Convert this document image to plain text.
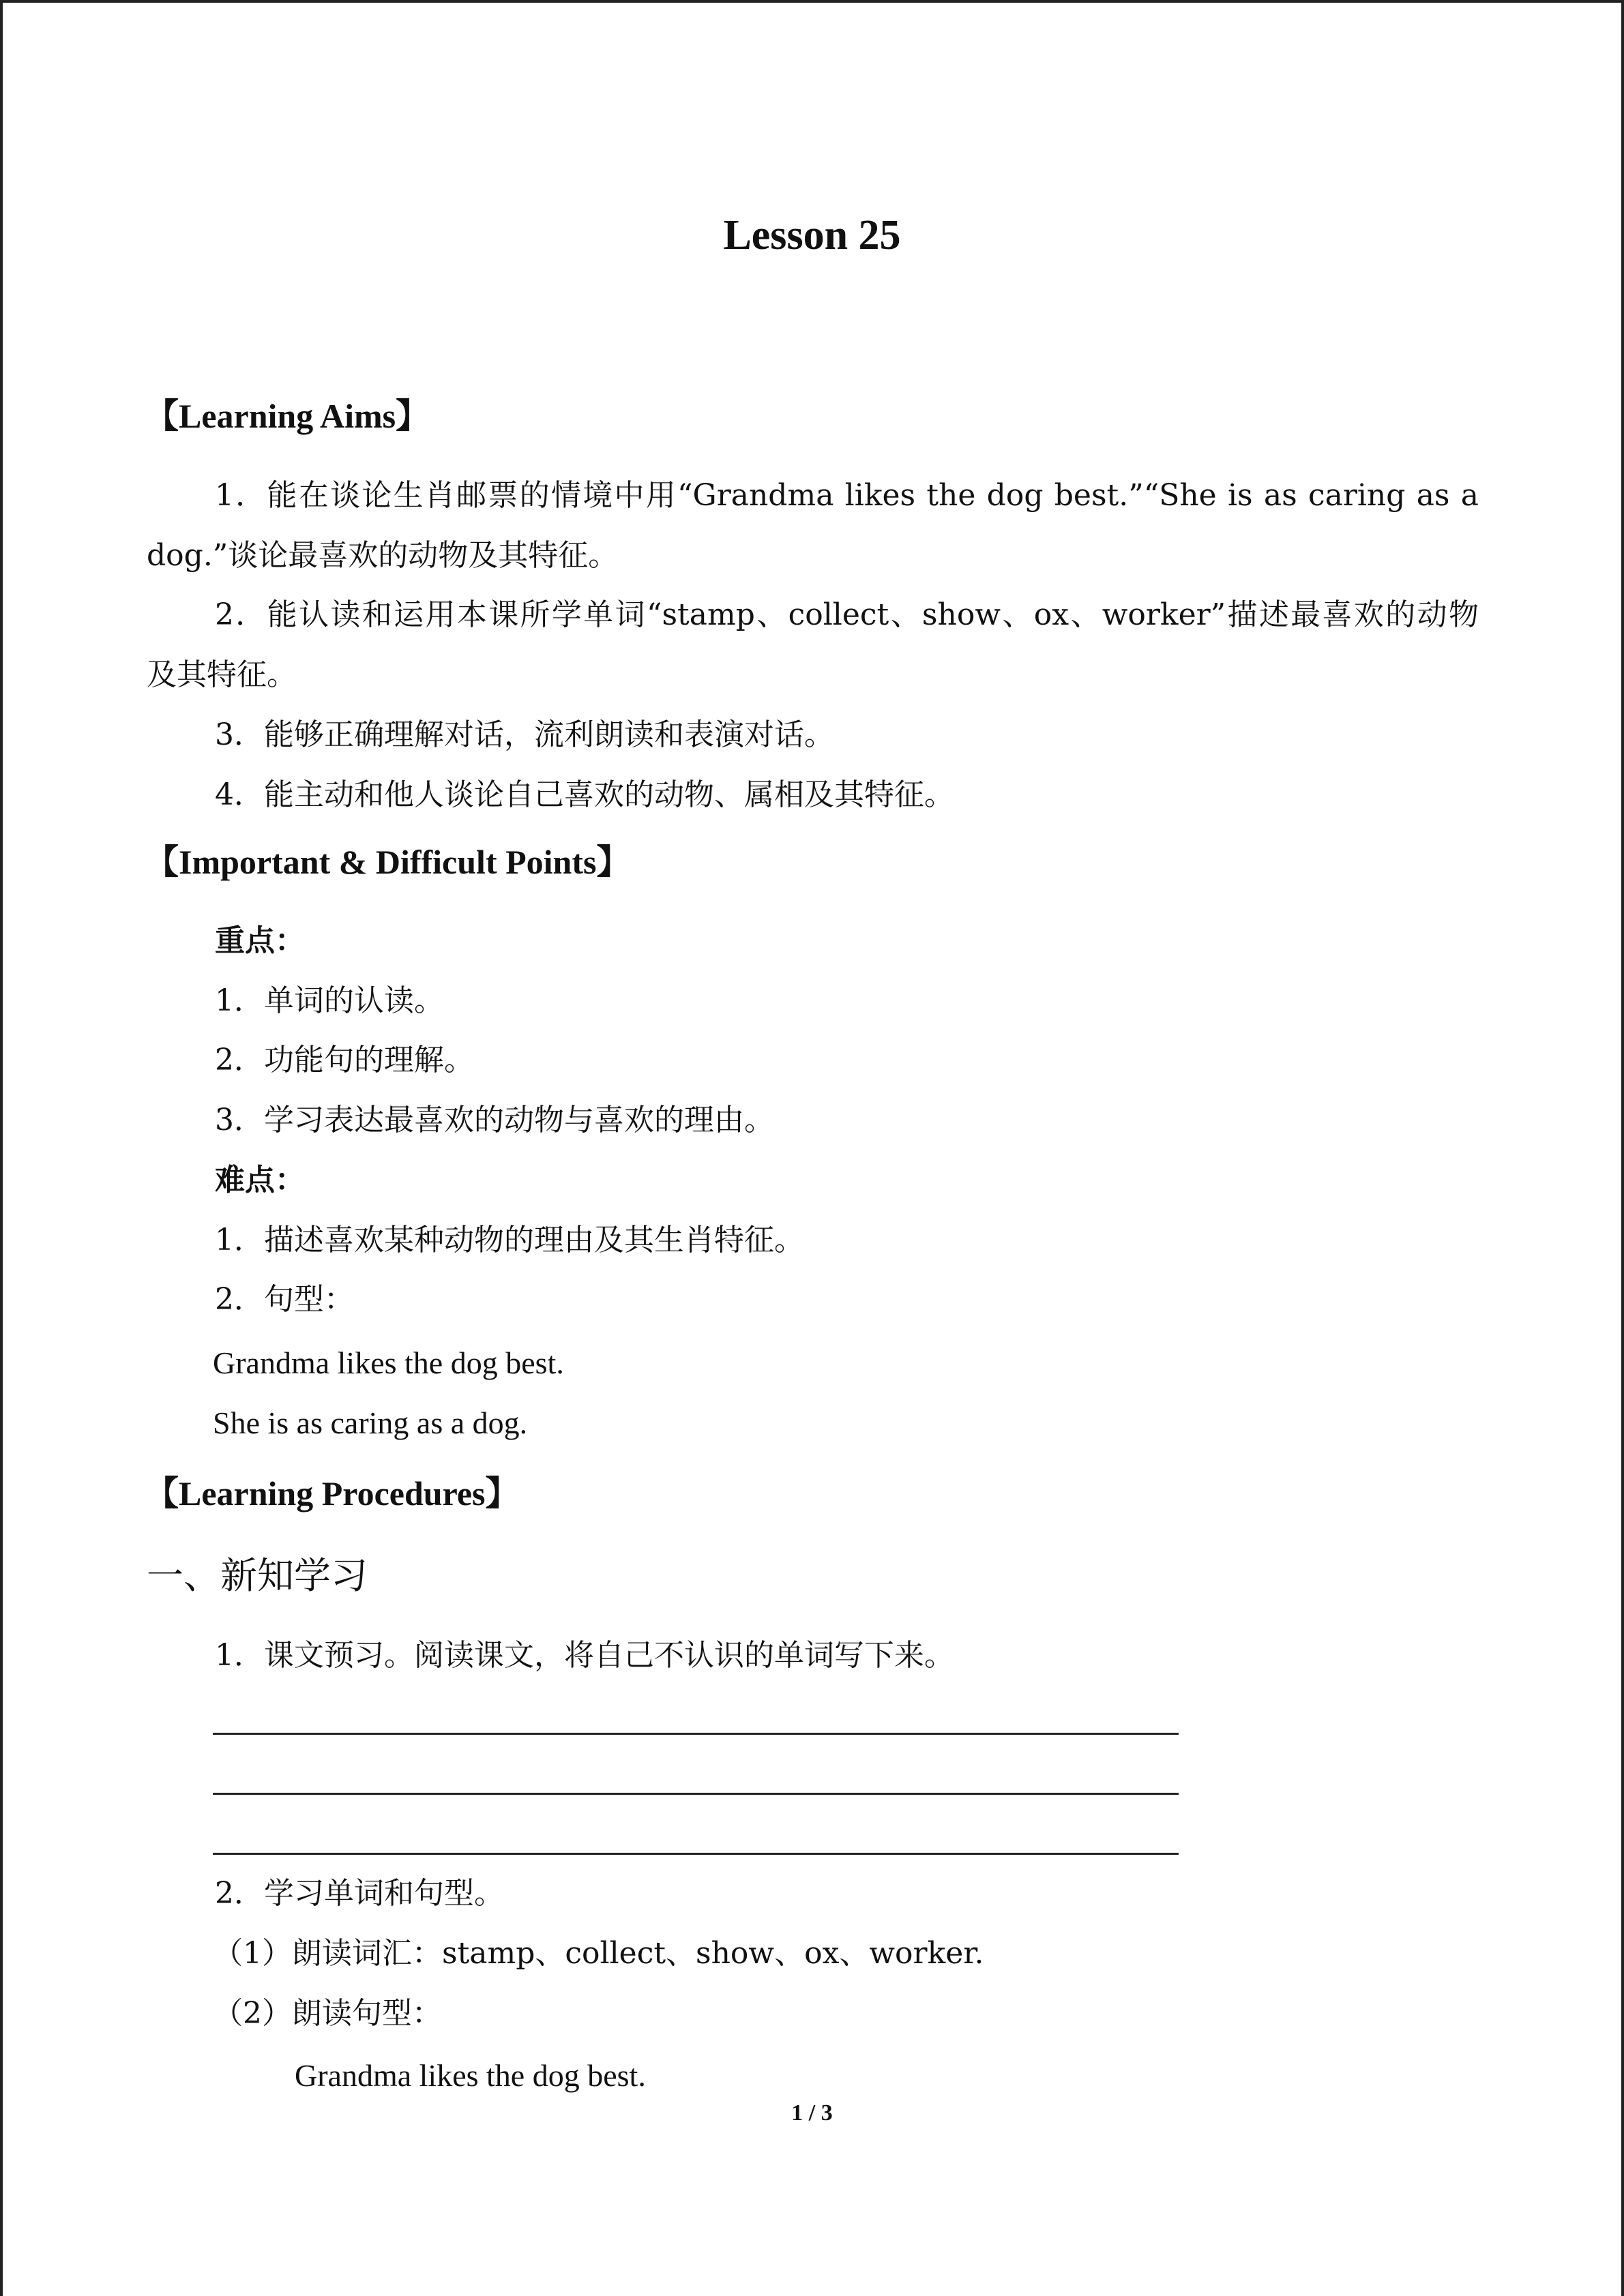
Lesson 25
【Learning Aims】
1．能在谈论生肖邮票的情境中用“Grandma likes the dog best.”“She is as caring as a
dog.”谈论最喜欢的动物及其特征。
2．能认读和运用本课所学单词“stamp、collect、show、ox、worker”描述最喜欢的动物
及其特征。
3．能够正确理解对话，流利朗读和表演对话。
4．能主动和他人谈论自己喜欢的动物、属相及其特征。
【Important & Difficult Points】
重点：
1．单词的认读。
2．功能句的理解。
3．学习表达最喜欢的动物与喜欢的理由。
难点：
1．描述喜欢某种动物的理由及其生肖特征。
2．句型：
Grandma likes the dog best.
She is as caring as a dog.
【Learning Procedures】
一、新知学习
1．课文预习。阅读课文，将自己不认识的单词写下来。
2．学习单词和句型。
（1）朗读词汇：stamp、collect、show、ox、worker.
（2）朗读句型：
Grandma likes the dog best.
1 / 3
